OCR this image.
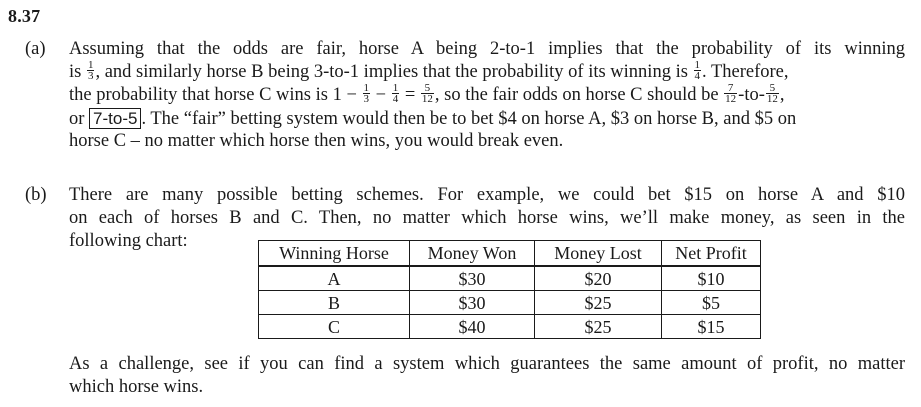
8.37
(a) Assuming that the odds are fair, horse A being 2-to-1 implies that the probability of its winning
is $\frac{1}{3}$ , and similarly horse B being 3-to-1 implies that the probability of its winning is $\frac{1}{4}$ . Therefore,
the probability that horse C wins is $1 - \frac{1}{3} - \frac{1}{4} = \frac{5}{12}$ , so the fair odds on horse C should be $\frac{7}{12} -to- \frac{5}{12}$ ,
or 7-to-5 . The “fair” betting system would then be to bet $4 on horse A, $3 on horse B, and $5 on
horse C – no matter which horse then wins, you would break even.
(b) There are many possible betting schemes. For example, we could bet $15 on horse A and $10
on each of horses B and C. Then, no matter which horse wins, we’ll make money, as seen in the
following chart:
Winning Horse	Money Won	Money Lost	Net Profit
A	$30	$20	$10
B	$30	$25	$5
C	$40	$25	$15
As a challenge, see if you can find a system which guarantees the same amount of profit, no matter
which horse wins.
